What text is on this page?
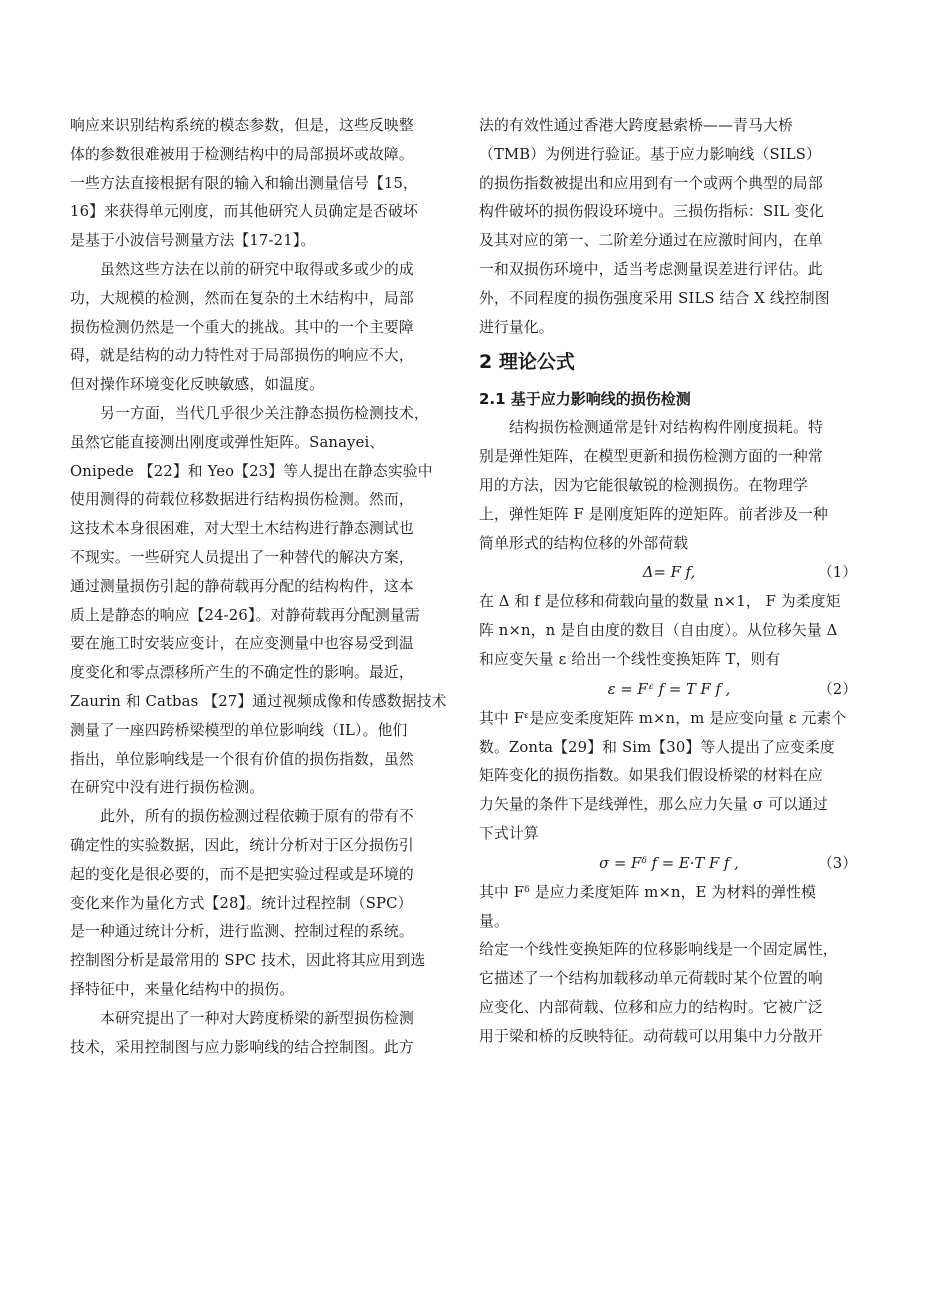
响应来识别结构系统的模态参数，但是，这些反映整
体的参数很难被用于检测结构中的局部损坏或故障。
一些方法直接根据有限的输入和输出测量信号【15，
16】来获得单元刚度，而其他研究人员确定是否破坏
是基于小波信号测量方法【17-21】。
虽然这些方法在以前的研究中取得或多或少的成
功，大规模的检测，然而在复杂的土木结构中，局部
损伤检测仍然是一个重大的挑战。其中的一个主要障
碍，就是结构的动力特性对于局部损伤的响应不大，
但对操作环境变化反映敏感，如温度。
另一方面，当代几乎很少关注静态损伤检测技术，
虽然它能直接测出刚度或弹性矩阵。Sanayei、
Onipede 【22】和 Yeo【23】等人提出在静态实验中
使用测得的荷载位移数据进行结构损伤检测。然而，
这技术本身很困难，对大型土木结构进行静态测试也
不现实。一些研究人员提出了一种替代的解决方案，
通过测量损伤引起的静荷载再分配的结构构件，这本
质上是静态的响应【24-26】。对静荷载再分配测量需
要在施工时安装应变计，在应变测量中也容易受到温
度变化和零点漂移所产生的不确定性的影响。最近，
Zaurin 和 Catbas 【27】通过视频成像和传感数据技术
测量了一座四跨桥梁模型的单位影响线（IL）。他们
指出，单位影响线是一个很有价值的损伤指数，虽然
在研究中没有进行损伤检测。
此外，所有的损伤检测过程依赖于原有的带有不
确定性的实验数据，因此，统计分析对于区分损伤引
起的变化是很必要的，而不是把实验过程或是环境的
变化来作为量化方式【28】。统计过程控制（SPC）
是一种通过统计分析，进行监测、控制过程的系统。
控制图分析是最常用的 SPC 技术，因此将其应用到选
择特征中，来量化结构中的损伤。
本研究提出了一种对大跨度桥梁的新型损伤检测
技术，采用控制图与应力影响线的结合控制图。此方
法的有效性通过香港大跨度悬索桥——青马大桥
（TMB）为例进行验证。基于应力影响线（SILS）
的损伤指数被提出和应用到有一个或两个典型的局部
构件破坏的损伤假设环境中。三损伤指标：SIL 变化
及其对应的第一、二阶差分通过在应激时间内，在单
一和双损伤环境中，适当考虑测量误差进行评估。此
外，不同程度的损伤强度采用 SILS 结合 X 线控制图
进行量化。
2 理论公式
2.1 基于应力影响线的损伤检测
结构损伤检测通常是针对结构构件刚度损耗。特
别是弹性矩阵，在模型更新和损伤检测方面的一种常
用的方法，因为它能很敏锐的检测损伤。在物理学
上，弹性矩阵 F 是刚度矩阵的逆矩阵。前者涉及一种
简单形式的结构位移的外部荷载
Δ= F f,	（1）
在 Δ 和 f 是位移和荷载向量的数量 n×1， F 为柔度矩
阵 n×n，n 是自由度的数目（自由度）。从位移矢量 Δ
和应变矢量 ε 给出一个线性变换矩阵 T，则有
ε = Fᵋ f = T F f ,	（2）
其中 Fᵋ是应变柔度矩阵 m×n，m 是应变向量 ε 元素个
数。Zonta【29】和 Sim【30】等人提出了应变柔度
矩阵变化的损伤指数。如果我们假设桥梁的材料在应
力矢量的条件下是线弹性，那么应力矢量 σ 可以通过
下式计算
σ = Fᵟ f = E·T F f ,	（3）
其中 Fᵟ 是应力柔度矩阵 m×n，E 为材料的弹性模
量。
给定一个线性变换矩阵的位移影响线是一个固定属性，
它描述了一个结构加载移动单元荷载时某个位置的响
应变化、内部荷载、位移和应力的结构时。它被广泛
用于梁和桥的反映特征。动荷载可以用集中力分散开
